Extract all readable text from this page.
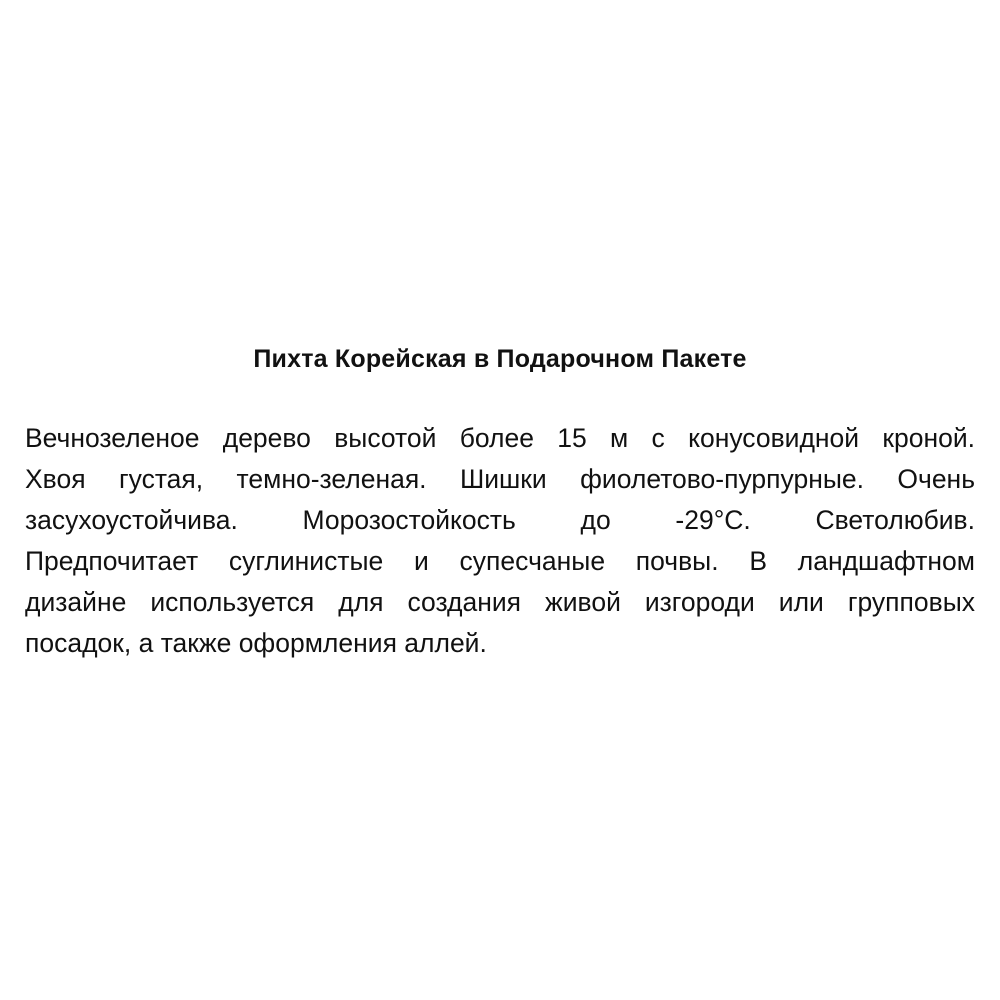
Пихта Корейская в Подарочном Пакете
Вечнозеленое дерево высотой более 15 м с конусовидной кроной.
Хвоя густая, темно-зеленая. Шишки фиолетово-пурпурные. Очень
засухоустойчива. Морозостойкость до -29°С. Светолюбив.
Предпочитает суглинистые и супесчаные почвы. В ландшафтном
дизайне используется для создания живой изгороди или групповых
посадок, а также оформления аллей.
